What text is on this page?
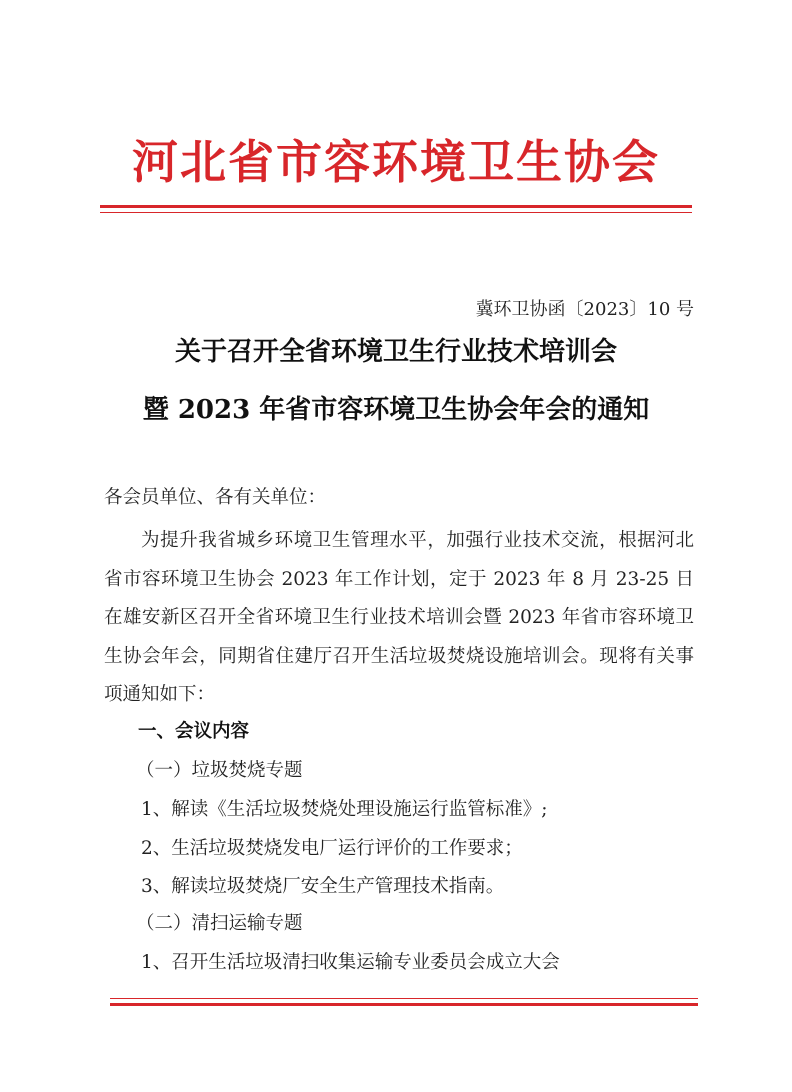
河北省市容环境卫生协会
冀环卫协函〔2023〕10 号
关于召开全省环境卫生行业技术培训会
暨 2023 年省市容环境卫生协会年会的通知
各会员单位、各有关单位：
为提升我省城乡环境卫生管理水平，加强行业技术交流，根据河北省市容环境卫生协会 2023 年工作计划，定于 2023 年 8 月 23-25 日在雄安新区召开全省环境卫生行业技术培训会暨 2023 年省市容环境卫生协会年会，同期省住建厅召开生活垃圾焚烧设施培训会。现将有关事项通知如下：
一、会议内容
（一）垃圾焚烧专题
1、解读《生活垃圾焚烧处理设施运行监管标准》;
2、生活垃圾焚烧发电厂运行评价的工作要求；
3、解读垃圾焚烧厂安全生产管理技术指南。
（二）清扫运输专题
1、召开生活垃圾清扫收集运输专业委员会成立大会
